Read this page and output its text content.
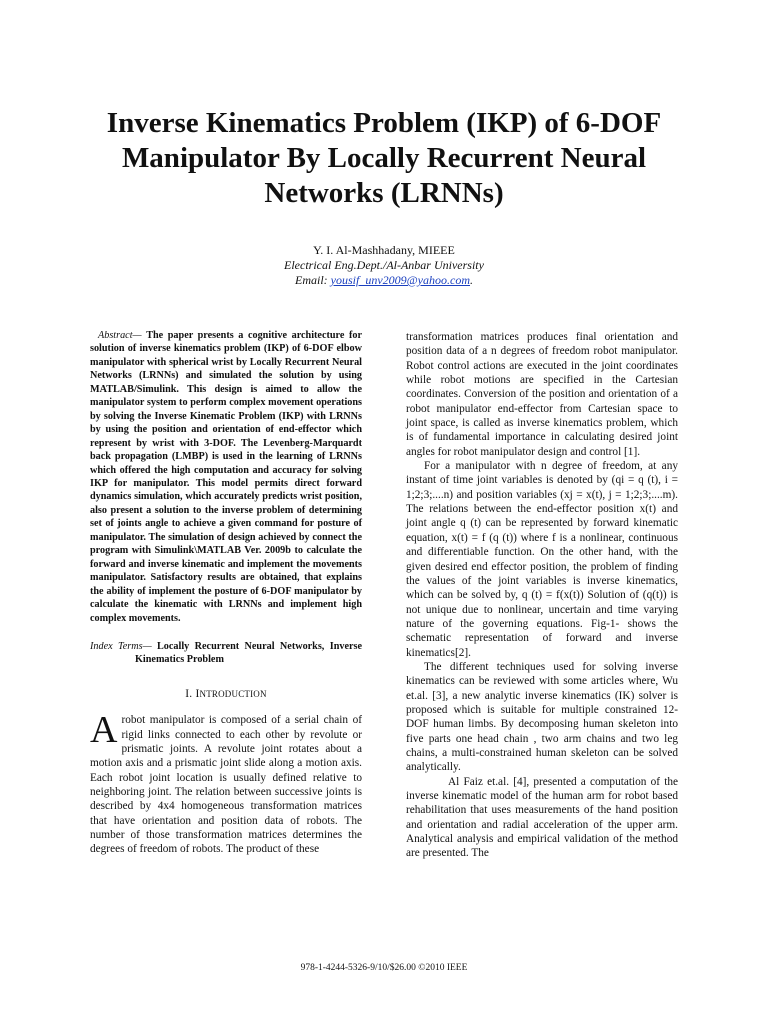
Inverse Kinematics Problem (IKP) of 6-DOF Manipulator By Locally Recurrent Neural Networks (LRNNs)
Y. I. Al-Mashhadany, MIEEE
Electrical Eng.Dept./Al-Anbar University
Email: yousif_unv2009@yahoo.com.

Abstract— The paper presents a cognitive architecture for solution of inverse kinematics problem (IKP) of 6-DOF elbow manipulator with spherical wrist by Locally Recurrent Neural Networks (LRNNs) and simulated the solution by using MATLAB/Simulink. This design is aimed to allow the manipulator system to perform complex movement operations by solving the Inverse Kinematic Problem (IKP) with LRNNs by using the position and orientation of end-effector which represent by wrist with 3-DOF. The Levenberg-Marquardt back propagation (LMBP) is used in the learning of LRNNs which offered the high computation and accuracy for solving IKP for manipulator. This model permits direct forward dynamics simulation, which accurately predicts wrist position, also present a solution to the inverse problem of determining set of joints angle to achieve a given command for posture of manipulator. The simulation of design achieved by connect the program with Simulink\MATLAB Ver. 2009b to calculate the forward and inverse kinematic and implement the movements manipulator. Satisfactory results are obtained, that explains the ability of implement the posture of 6-DOF manipulator by calculate the kinematic with LRNNs and implement high complex movements.

Index Terms— Locally Recurrent Neural Networks, Inverse Kinematics Problem

I. INTRODUCTION

Arobot manipulator is composed of a serial chain of rigid links connected to each other by revolute or prismatic joints. A revolute joint rotates about a motion axis and a prismatic joint slide along a motion axis. Each robot joint location is usually defined relative to neighboring joint. The relation between successive joints is described by 4x4 homogeneous transformation matrices that have orientation and position data of robots. The number of those transformation matrices determines the degrees of freedom of robots. The product of these

transformation matrices produces final orientation and position data of a n degrees of freedom robot manipulator. Robot control actions are executed in the joint coordinates while robot motions are specified in the Cartesian coordinates. Conversion of the position and orientation of a robot manipulator end-effector from Cartesian space to joint space, is called as inverse kinematics problem, which is of fundamental importance in calculating desired joint angles for robot manipulator design and control [1].

For a manipulator with n degree of freedom, at any instant of time joint variables is denoted by (qi = q (t), i = 1;2;3;....n) and position variables (xj = x(t), j = 1;2;3;....m). The relations between the end-effector position x(t) and joint angle q (t) can be represented by forward kinematic equation, x(t) = f (q (t)) where f is a nonlinear, continuous and differentiable function. On the other hand, with the given desired end effector position, the problem of finding the values of the joint variables is inverse kinematics, which can be solved by, q (t) = f(x(t)) Solution of (q(t)) is not unique due to nonlinear, uncertain and time varying nature of the governing equations. Fig-1- shows the schematic representation of forward and inverse kinematics[2].

The different techniques used for solving inverse kinematics can be reviewed with some articles where, Wu et.al. [3], a new analytic inverse kinematics (IK) solver is proposed which is suitable for multiple constrained 12-DOF human limbs. By decomposing human skeleton into five parts one head chain , two arm chains and two leg chains, a multi-constrained human skeleton can be solved analytically.

Al Faiz et.al. [4], presented a computation of the inverse kinematic model of the human arm for robot based rehabilitation that uses measurements of the hand position and orientation and radial acceleration of the upper arm. Analytical analysis and empirical validation of the method are presented. The

978-1-4244-5326-9/10/$26.00 ©2010 IEEE
